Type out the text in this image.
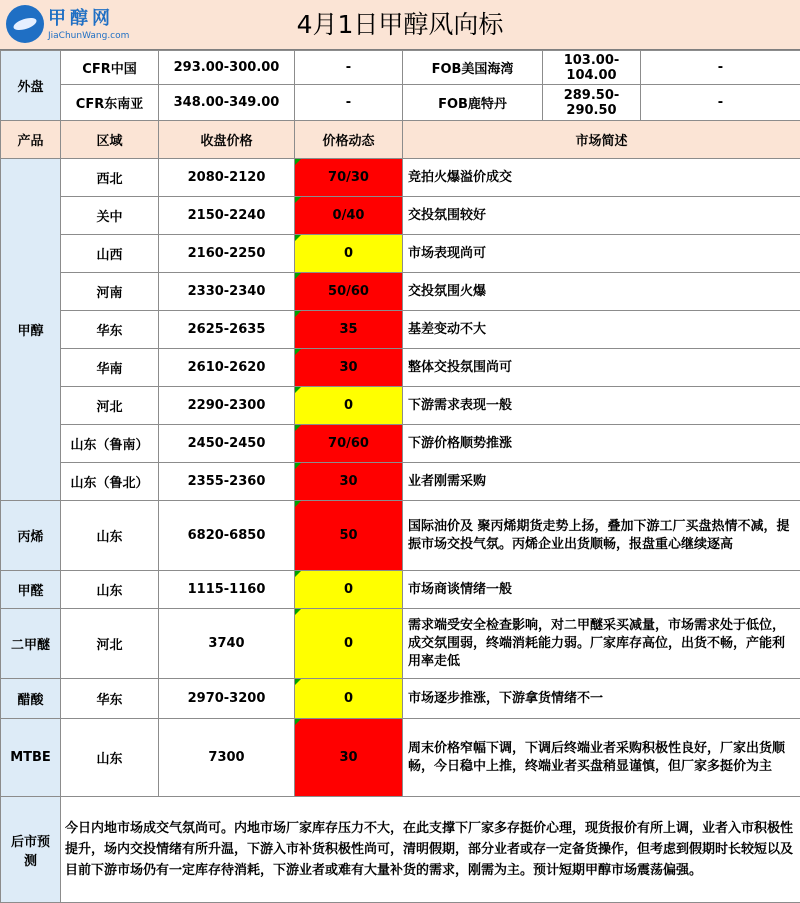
甲醇网
JiaChunWang.com	4月1日甲醇风向标
外盘	CFR中国	293.00-300.00	-	FOB美国海湾	103.00-104.00	-
	CFR东南亚	348.00-349.00	-	FOB鹿特丹	289.50-290.50	-
产品	区域	收盘价格	价格动态	市场简述		
甲醇	西北	2080-2120	70/30	竞拍火爆溢价成交		
	关中	2150-2240	0/40	交投氛围较好		
	山西	2160-2250	0	市场表现尚可		
	河南	2330-2340	50/60	交投氛围火爆		
	华东	2625-2635	35	基差变动不大		
	华南	2610-2620	30	整体交投氛围尚可		
	河北	2290-2300	0	下游需求表现一般		
	山东（鲁南）	2450-2450	70/60	下游价格顺势推涨		
	山东（鲁北）	2355-2360	30	业者刚需采购		
丙烯	山东	6820-6850	50	国际油价及 聚丙烯期货走势上扬，叠加下游工厂买盘热情不减，提振市场交投气氛。丙烯企业出货顺畅，报盘重心继续逐高		
甲醛	山东	1115-1160	0	市场商谈情绪一般		
二甲醚	河北	3740	0	需求端受安全检查影响，对二甲醚采买减量，市场需求处于低位，成交氛围弱，终端消耗能力弱。厂家库存高位，出货不畅，产能利用率走低		
醋酸	华东	2970-3200	0	市场逐步推涨，下游拿货情绪不一		
MTBE	山东	7300	30	周末价格窄幅下调，下调后终端业者采购积极性良好，厂家出货顺畅，今日稳中上推，终端业者买盘稍显谨慎，但厂家多挺价为主		
后市预测	今日内地市场成交气氛尚可。内地市场厂家库存压力不大，在此支撑下厂家多存挺价心理，现货报价有所上调，业者入市积极性提升，场内交投情绪有所升温，下游入市补货积极性尚可，清明假期，部分业者或存一定备货操作，但考虑到假期时长较短以及目前下游市场仍有一定库存待消耗，下游业者或难有大量补货的需求，刚需为主。预计短期甲醇市场震荡偏强。					
